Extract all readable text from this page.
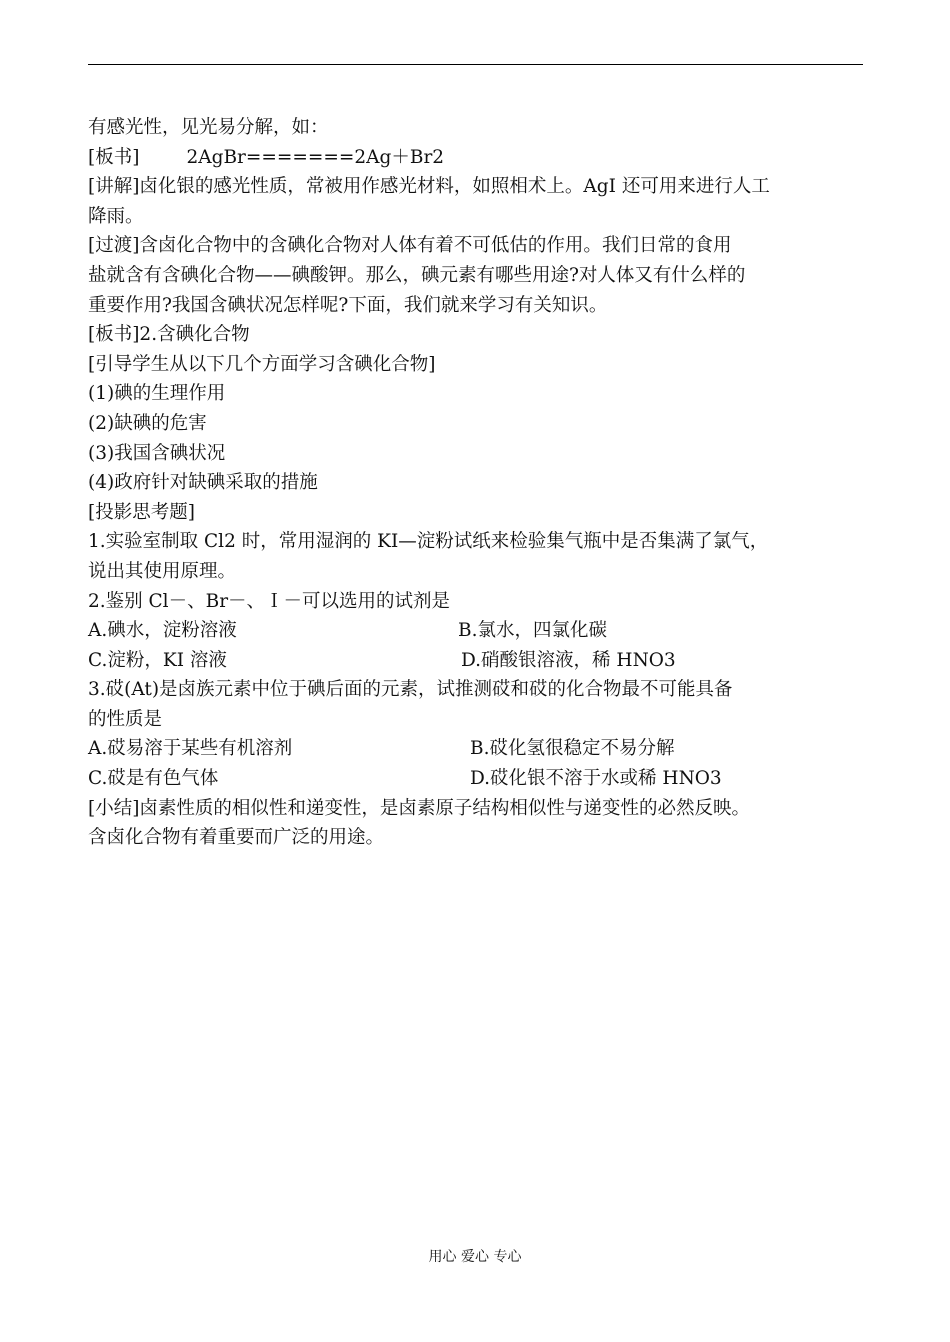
有感光性，见光易分解，如：
[板书]        2AgBr=======2Ag＋Br2
[讲解]卤化银的感光性质，常被用作感光材料，如照相术上。AgI 还可用来进行人工
降雨。
[过渡]含卤化合物中的含碘化合物对人体有着不可低估的作用。我们日常的食用
盐就含有含碘化合物——碘酸钾。那么，碘元素有哪些用途?对人体又有什么样的
重要作用?我国含碘状况怎样呢?下面，我们就来学习有关知识。
[板书]2.含碘化合物
[引导学生从以下几个方面学习含碘化合物]
(1)碘的生理作用
(2)缺碘的危害
(3)我国含碘状况
(4)政府针对缺碘采取的措施
[投影思考题]
1.实验室制取 Cl2 时，常用湿润的 KI—淀粉试纸来检验集气瓶中是否集满了氯气，
说出其使用原理。
2.鉴别 Cl－、Br－、Ｉ－可以选用的试剂是
A.碘水，淀粉溶液	B.氯水，四氯化碳
C.淀粉，KI 溶液	D.硝酸银溶液，稀 HNO3
3.砹(At)是卤族元素中位于碘后面的元素，试推测砹和砹的化合物最不可能具备
的性质是
A.砹易溶于某些有机溶剂	B.砹化氢很稳定不易分解
C.砹是有色气体	D.砹化银不溶于水或稀 HNO3
[小结]卤素性质的相似性和递变性，是卤素原子结构相似性与递变性的必然反映。
含卤化合物有着重要而广泛的用途。
用心 爱心 专心
